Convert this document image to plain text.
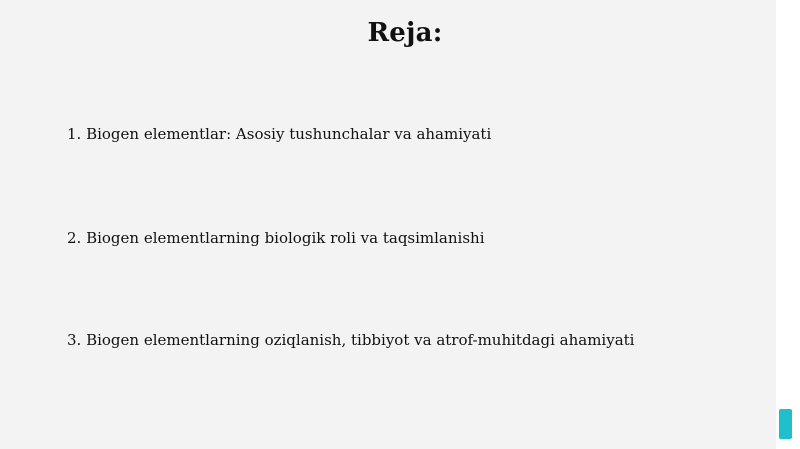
Reja:
1. Biogen elementlar: Asosiy tushunchalar va ahamiyati
2. Biogen elementlarning biologik roli va taqsimlanishi
3. Biogen elementlarning oziqlanish, tibbiyot va atrof-muhitdagi ahamiyati
